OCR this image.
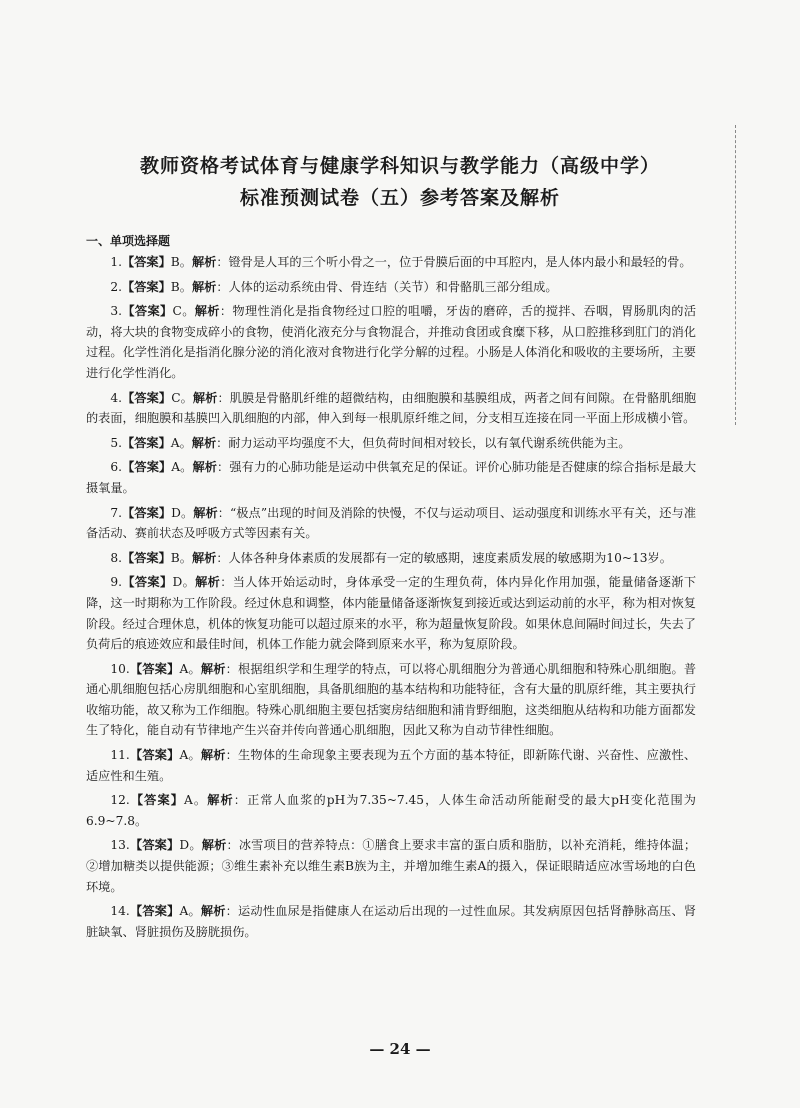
教师资格考试体育与健康学科知识与教学能力（高级中学）
标准预测试卷（五）参考答案及解析
一、单项选择题

1.【答案】B。解析：镫骨是人耳的三个听小骨之一，位于骨膜后面的中耳腔内，是人体内最小和最轻的骨。

2.【答案】B。解析：人体的运动系统由骨、骨连结（关节）和骨骼肌三部分组成。

3.【答案】C。解析：物理性消化是指食物经过口腔的咀嚼，牙齿的磨碎，舌的搅拌、吞咽，胃肠肌肉的活动，将大块的食物变成碎小的食物，使消化液充分与食物混合，并推动食团或食糜下移，从口腔推移到肛门的消化过程。化学性消化是指消化腺分泌的消化液对食物进行化学分解的过程。小肠是人体消化和吸收的主要场所，主要进行化学性消化。

4.【答案】C。解析：肌膜是骨骼肌纤维的超微结构，由细胞膜和基膜组成，两者之间有间隙。在骨骼肌细胞的表面，细胞膜和基膜凹入肌细胞的内部，伸入到每一根肌原纤维之间，分支相互连接在同一平面上形成横小管。

5.【答案】A。解析：耐力运动平均强度不大，但负荷时间相对较长，以有氧代谢系统供能为主。

6.【答案】A。解析：强有力的心肺功能是运动中供氧充足的保证。评价心肺功能是否健康的综合指标是最大摄氧量。

7.【答案】D。解析：“极点”出现的时间及消除的快慢，不仅与运动项目、运动强度和训练水平有关，还与准备活动、赛前状态及呼吸方式等因素有关。

8.【答案】B。解析：人体各种身体素质的发展都有一定的敏感期，速度素质发展的敏感期为10~13岁。

9.【答案】D。解析：当人体开始运动时，身体承受一定的生理负荷，体内异化作用加强，能量储备逐渐下降，这一时期称为工作阶段。经过休息和调整，体内能量储备逐渐恢复到接近或达到运动前的水平，称为相对恢复阶段。经过合理休息，机体的恢复功能可以超过原来的水平，称为超量恢复阶段。如果休息间隔时间过长，失去了负荷后的痕迹效应和最佳时间，机体工作能力就会降到原来水平，称为复原阶段。

10.【答案】A。解析：根据组织学和生理学的特点，可以将心肌细胞分为普通心肌细胞和特殊心肌细胞。普通心肌细胞包括心房肌细胞和心室肌细胞，具备肌细胞的基本结构和功能特征，含有大量的肌原纤维，其主要执行收缩功能，故又称为工作细胞。特殊心肌细胞主要包括窦房结细胞和浦肯野细胞，这类细胞从结构和功能方面都发生了特化，能自动有节律地产生兴奋并传向普通心肌细胞，因此又称为自动节律性细胞。

11.【答案】A。解析：生物体的生命现象主要表现为五个方面的基本特征，即新陈代谢、兴奋性、应激性、适应性和生殖。

12.【答案】A。解析：正常人血浆的pH为7.35~7.45，人体生命活动所能耐受的最大pH变化范围为6.9~7.8。

13.【答案】D。解析：冰雪项目的营养特点：①膳食上要求丰富的蛋白质和脂肪，以补充消耗，维持体温；②增加糖类以提供能源；③维生素补充以维生素B族为主，并增加维生素A的摄入，保证眼睛适应冰雪场地的白色环境。

14.【答案】A。解析：运动性血尿是指健康人在运动后出现的一过性血尿。其发病原因包括肾静脉高压、肾脏缺氧、肾脏损伤及膀胱损伤。

— 24 —
